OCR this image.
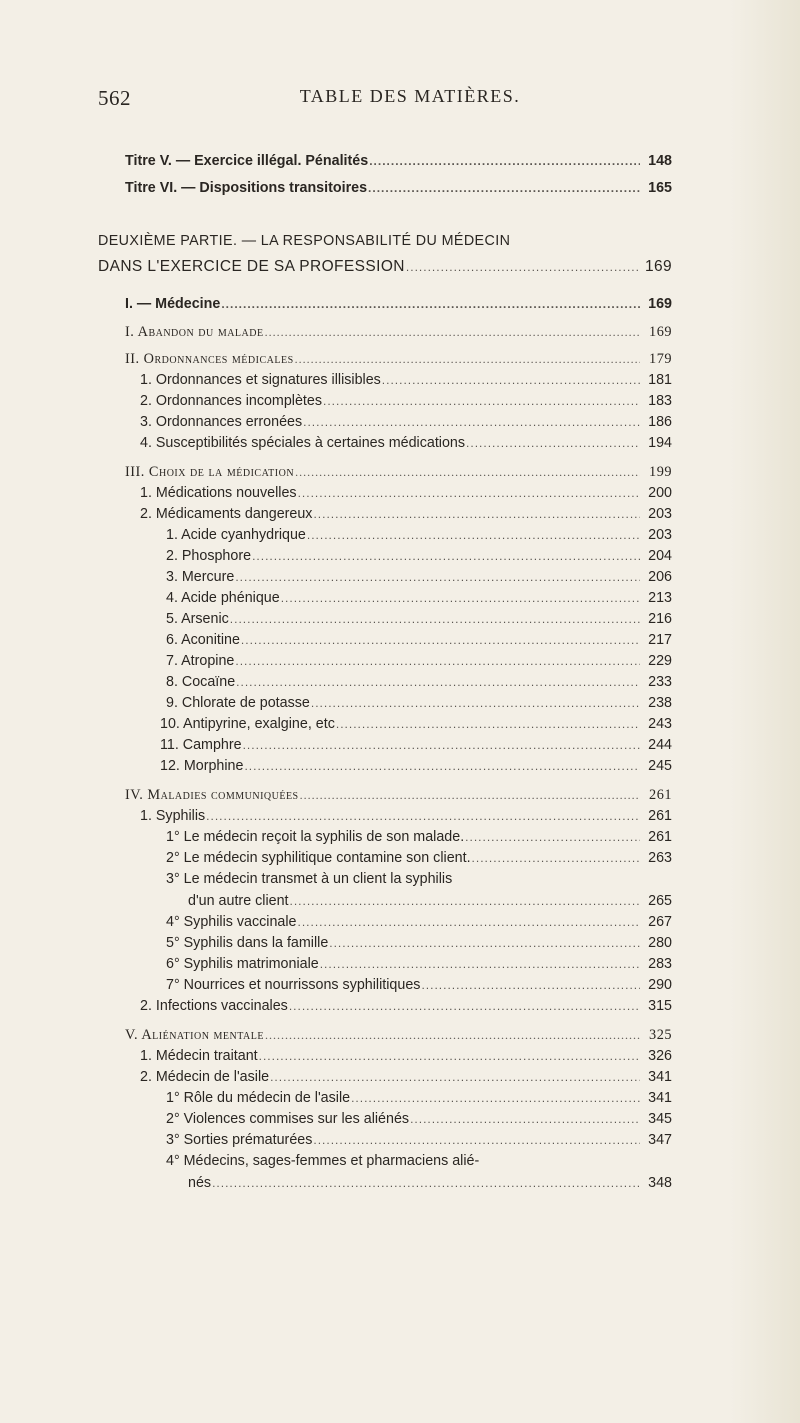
562	TABLE DES MATIÈRES.
Titre V. — Exercice illégal. Pénalités .....	148
Titre VI. — Dispositions transitoires .....	165
DEUXIÈME PARTIE. — LA RESPONSABILITÉ DU MÉDECIN
DANS L'EXERCICE DE SA PROFESSION .....	169
I. — Médecine .....	169
I. Abandon du malade .....	169
II. Ordonnances médicales .....	179
1. Ordonnances et signatures illisibles .....	181
2. Ordonnances incomplètes .....	183
3. Ordonnances erronées .....	186
4. Susceptibilités spéciales à certaines médications .....	194
III. Choix de la médication .....	199
1. Médications nouvelles .....	200
2. Médicaments dangereux .....	203
1. Acide cyanhydrique .....	203
2. Phosphore .....	204
3. Mercure .....	206
4. Acide phénique .....	213
5. Arsenic .....	216
6. Aconitine .....	217
7. Atropine .....	229
8. Cocaïne .....	233
9. Chlorate de potasse .....	238
10. Antipyrine, exalgine, etc .....	243
11. Camphre .....	244
12. Morphine .....	245
IV. Maladies communiquées .....	261
1. Syphilis .....	261
1° Le médecin reçoit la syphilis de son malade. .....	261
2° Le médecin syphilitique contamine son client. .....	263
3° Le médecin transmet à un client la syphilis
d'un autre client .....	265
4° Syphilis vaccinale .....	267
5° Syphilis dans la famille .....	280
6° Syphilis matrimoniale .....	283
7° Nourrices et nourrissons syphilitiques .....	290
2. Infections vaccinales .....	315
V. Aliénation mentale .....	325
1. Médecin traitant .....	326
2. Médecin de l'asile .....	341
1° Rôle du médecin de l'asile .....	341
2° Violences commises sur les aliénés .....	345
3° Sorties prématurées .....	347
4° Médecins, sages-femmes et pharmaciens alié-
nés .....	348
